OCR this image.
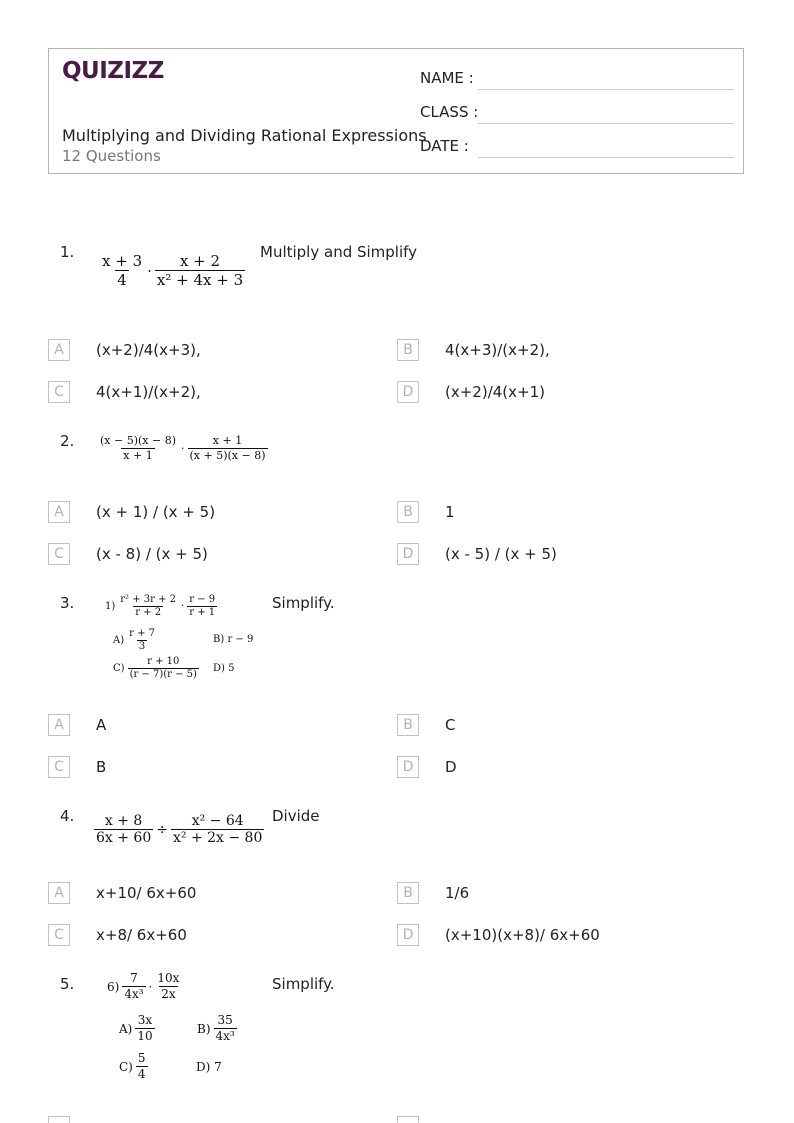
QUIZIZZ
Multiplying and Dividing Rational Expressions
12 Questions
NAME :
CLASS :
DATE :
1.
$\frac{x + 3}{4} \cdot \frac{x + 2}{\text{x² + 4x + 3}}$
Multiply and Simplify
A	(x+2)/4(x+3),	B	4(x+3)/(x+2),
C	4(x+1)/(x+2),	D	(x+2)/4(x+1)
2. $\frac{(x - 5)(x - 8)}{x + 1} \cdot \frac{x + 1}{(x + 5)(x - 8)}$
A	(x + 1) / (x + 5)	B	1
C	(x - 8) / (x + 5)	D	(x - 5) / (x + 5)
3.	$1) \frac{\text{r² + 3r + 2}}{r + 2} \cdot \frac{r - 9}{r + 1}$
$A) \frac{r + 7}{3}$	B) r − 9
$C) \frac{r + 10}{(r - 7)(r - 5)} D$) 5
Simplify.
A	A	B	C
C	B	D	D
4. $\frac{x + 8}{6x + 60} \div \frac{\text{x² − 64}}{\text{x² + 2x − 80}}$ Divide
A	x+10/ 6x+60	B	1/6
C	x+8/ 6x+60	D	(x+10)(x+8)/ 6x+60
5.	$6) \frac{7}{\text{4x³}} \cdot \frac{10x}{2x}$
$A) \frac{3x}{10}$	$B) \frac{35}{\text{4x³}}$
$C) \frac{5}{4}$	D) 7
Simplify.
